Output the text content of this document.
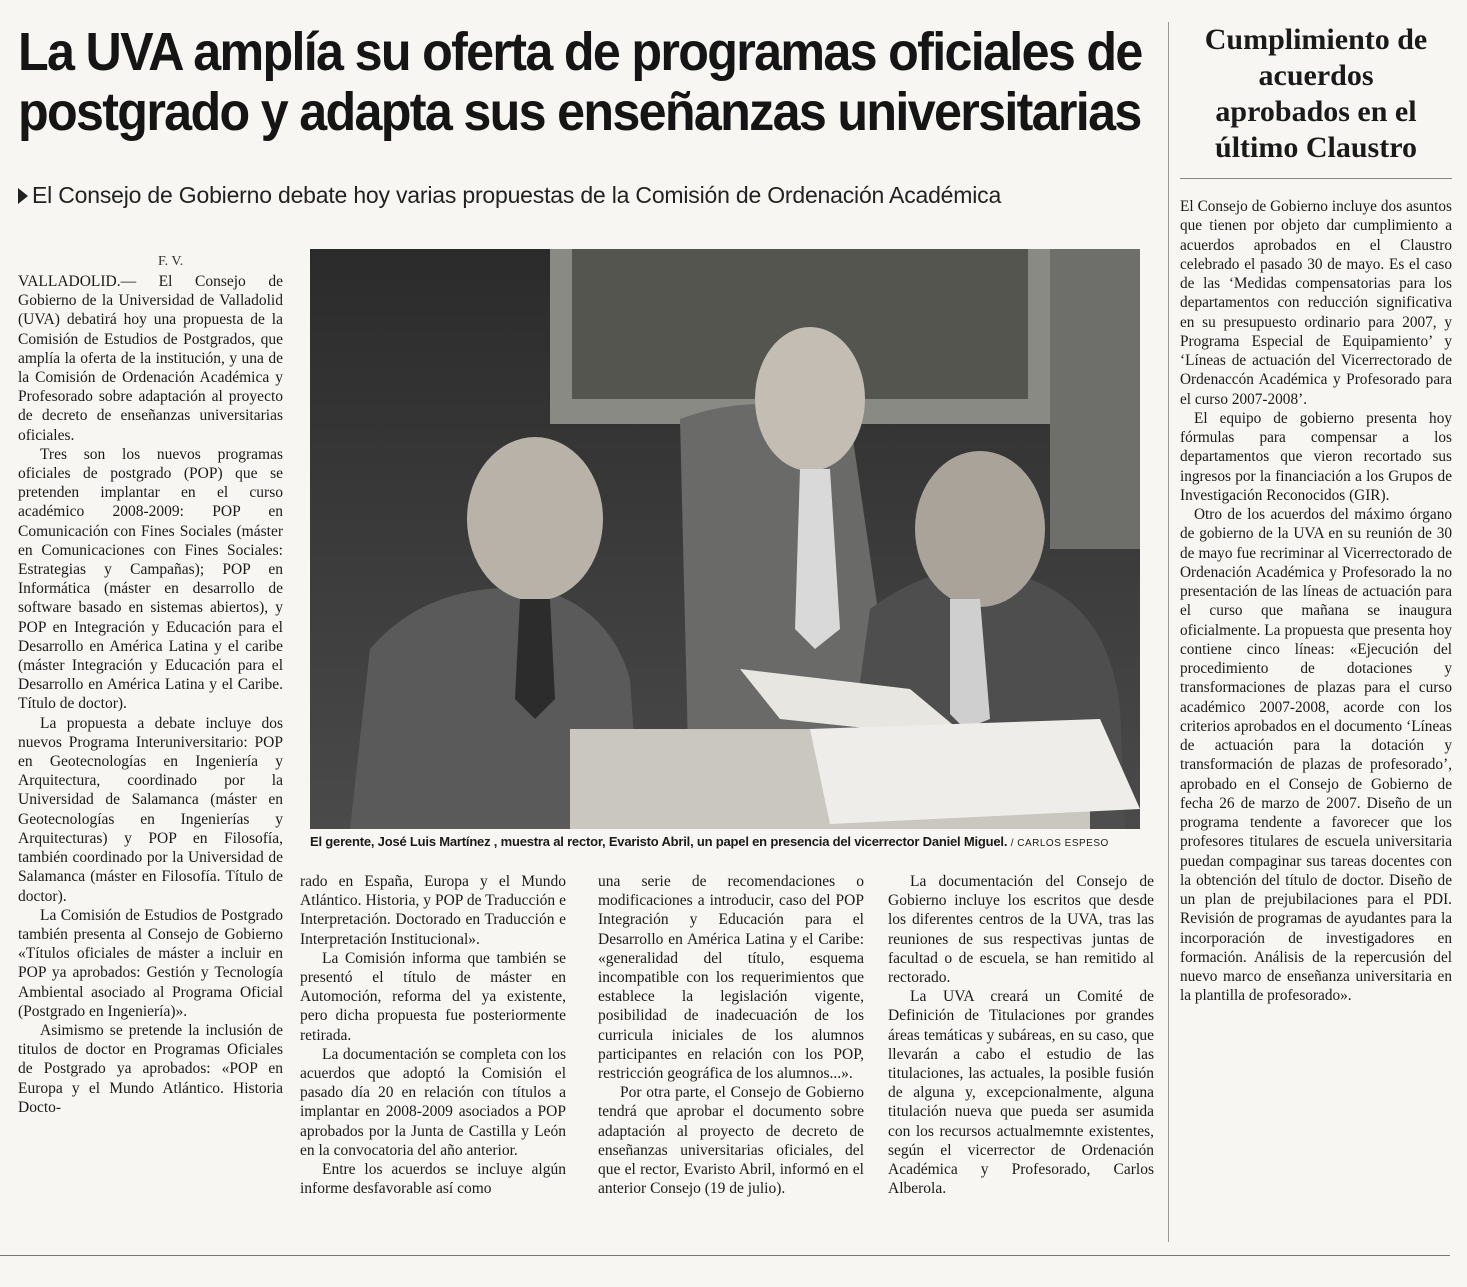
La UVA amplía su oferta de programas oficiales de
postgrado y adapta sus enseñanzas universitarias
El Consejo de Gobierno debate hoy varias propuestas de la Comisión de Ordenación Académica
F. V.

VALLADOLID.— El Consejo de Gobierno de la Universidad de Valladolid (UVA) debatirá hoy una propuesta de la Comisión de Estudios de Postgrados, que amplía la oferta de la institución, y una de la Comisión de Ordenación Académica y Profesorado sobre adaptación al proyecto de decreto de enseñanzas universitarias oficiales.

Tres son los nuevos programas oficiales de postgrado (POP) que se pretenden implantar en el curso académico 2008-2009: POP en Comunicación con Fines Sociales (máster en Comunicaciones con Fines Sociales: Estrategias y Campañas); POP en Informática (máster en desarrollo de software basado en sistemas abiertos), y POP en Integración y Educación para el Desarrollo en América Latina y el caribe (máster Integración y Educación para el Desarrollo en América Latina y el Caribe. Título de doctor).

La propuesta a debate incluye dos nuevos Programa Interuniversitario: POP en Geotecnologías en Ingeniería y Arquitectura, coordinado por la Universidad de Salamanca (máster en Geotecnologías en Ingenierías y Arquitecturas) y POP en Filosofía, también coordinado por la Universidad de Salamanca (máster en Filosofía. Título de doctor).

La Comisión de Estudios de Postgrado también presenta al Consejo de Gobierno «Títulos oficiales de máster a incluir en POP ya aprobados: Gestión y Tecnología Ambiental asociado al Programa Oficial (Postgrado en Ingeniería)».

Asimismo se pretende la inclusión de titulos de doctor en Programas Oficiales de Postgrado ya aprobados: «POP en Europa y el Mundo Atlántico. Historia Docto-

El gerente, José Luis Martínez , muestra al rector, Evaristo Abril, un papel en presencia del vicerrector Daniel Miguel. / CARLOS ESPESO

rado en España, Europa y el Mundo Atlántico. Historia, y POP de Traducción e Interpretación. Doctorado en Traducción e Interpretación Institucional».

La Comisión informa que también se presentó el título de máster en Automoción, reforma del ya existente, pero dicha propuesta fue posteriormente retirada.

La documentación se completa con los acuerdos que adoptó la Comisión el pasado día 20 en relación con títulos a implantar en 2008-2009 asociados a POP aprobados por la Junta de Castilla y León en la convocatoria del año anterior.

Entre los acuerdos se incluye algún informe desfavorable así como

una serie de recomendaciones o modificaciones a introducir, caso del POP Integración y Educación para el Desarrollo en América Latina y el Caribe: «generalidad del título, esquema incompatible con los requerimientos que establece la legislación vigente, posibilidad de inadecuación de los curricula iniciales de los alumnos participantes en relación con los POP, restricción geográfica de los alumnos...».

Por otra parte, el Consejo de Gobierno tendrá que aprobar el documento sobre adaptación al proyecto de decreto de enseñanzas universitarias oficiales, del que el rector, Evaristo Abril, informó en el anterior Consejo (19 de julio).

La documentación del Consejo de Gobierno incluye los escritos que desde los diferentes centros de la UVA, tras las reuniones de sus respectivas juntas de facultad o de escuela, se han remitido al rectorado.

La UVA creará un Comité de Definición de Titulaciones por grandes áreas temáticas y subáreas, en su caso, que llevarán a cabo el estudio de las titulaciones, las actuales, la posible fusión de alguna y, excepcionalmente, alguna titulación nueva que pueda ser asumida con los recursos actualmemnte existentes, según el vicerrector de Ordenación Académica y Profesorado, Carlos Alberola.

Cumplimiento de
acuerdos
aprobados en el
último Claustro

El Consejo de Gobierno incluye dos asuntos que tienen por objeto dar cumplimiento a acuerdos aprobados en el Claustro celebrado el pasado 30 de mayo. Es el caso de las ‘Medidas compensatorias para los departamentos con reducción significativa en su presupuesto ordinario para 2007, y Programa Especial de Equipamiento’ y ‘Líneas de actuación del Vicerrectorado de Ordenaccón Académica y Profesorado para el curso 2007-2008’.

El equipo de gobierno presenta hoy fórmulas para compensar a los departamentos que vieron recortado sus ingresos por la financiación a los Grupos de Investigación Reconocidos (GIR).

Otro de los acuerdos del máximo órgano de gobierno de la UVA en su reunión de 30 de mayo fue recriminar al Vicerrectorado de Ordenación Académica y Profesorado la no presentación de las líneas de actuación para el curso que mañana se inaugura oficialmente. La propuesta que presenta hoy contiene cinco líneas: «Ejecución del procedimiento de dotaciones y transformaciones de plazas para el curso académico 2007-2008, acorde con los criterios aprobados en el documento ‘Líneas de actuación para la dotación y transformación de plazas de profesorado’, aprobado en el Consejo de Gobierno de fecha 26 de marzo de 2007. Diseño de un programa tendente a favorecer que los profesores titulares de escuela universitaria puedan compaginar sus tareas docentes con la obtención del título de doctor. Diseño de un plan de prejubilaciones para el PDI. Revisión de programas de ayudantes para la incorporación de investigadores en formación. Análisis de la repercusión del nuevo marco de enseñanza universitaria en la plantilla de profesorado».
